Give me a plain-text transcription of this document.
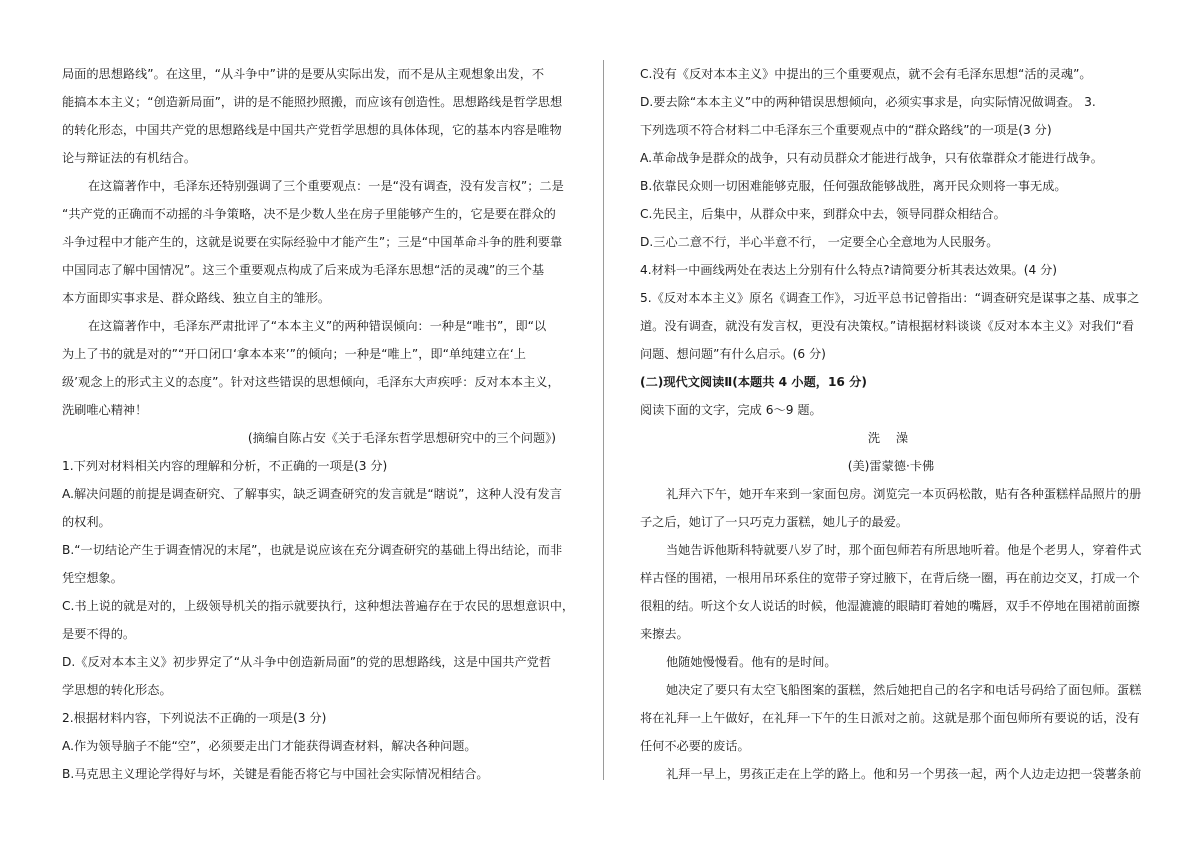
局面的思想路线”。在这里，“从斗争中”讲的是要从实际出发，而不是从主观想象出发，不
能搞本本主义；“创造新局面”，讲的是不能照抄照搬，而应该有创造性。思想路线是哲学思想
的转化形态，中国共产党的思想路线是中国共产党哲学思想的具体体现，它的基本内容是唯物
论与辩证法的有机结合。
在这篇著作中，毛泽东还特别强调了三个重要观点：一是“没有调查，没有发言权”；二是
“共产党的正确而不动摇的斗争策略，决不是少数人坐在房子里能够产生的，它是要在群众的
斗争过程中才能产生的，这就是说要在实际经验中才能产生”；三是“中国革命斗争的胜利要靠
中国同志了解中国情况”。这三个重要观点构成了后来成为毛泽东思想“活的灵魂”的三个基
本方面即实事求是、群众路线、独立自主的雏形。
在这篇著作中，毛泽东严肃批评了“本本主义”的两种错误倾向：一种是“唯书”，即“以
为上了书的就是对的”“开口闭口‘拿本本来’”的倾向；一种是“唯上”，即“单纯建立在‘上
级’观念上的形式主义的态度”。针对这些错误的思想倾向，毛泽东大声疾呼：反对本本主义，
洗刷唯心精神！
(摘编自陈占安《关于毛泽东哲学思想研究中的三个问题》)
1.下列对材料相关内容的理解和分析，不正确的一项是(3 分)
A.解决问题的前提是调查研究、了解事实，缺乏调查研究的发言就是“瞎说”，这种人没有发言
的权利。
B.“一切结论产生于调查情况的末尾”，也就是说应该在充分调查研究的基础上得出结论，而非
凭空想象。
C.书上说的就是对的，上级领导机关的指示就要执行，这种想法普遍存在于农民的思想意识中，
是要不得的。
D.《反对本本主义》初步界定了“从斗争中创造新局面”的党的思想路线，这是中国共产党哲
学思想的转化形态。
2.根据材料内容，下列说法不正确的一项是(3 分)
A.作为领导脑子不能“空”，必须要走出门才能获得调查材料，解决各种问题。
B.马克思主义理论学得好与坏，关键是看能否将它与中国社会实际情况相结合。
C.没有《反对本本主义》中提出的三个重要观点，就不会有毛泽东思想“活的灵魂”。
D.要去除“本本主义”中的两种错误思想倾向，必须实事求是，向实际情况做调查。 3.
下列选项不符合材料二中毛泽东三个重要观点中的“群众路线”的一项是(3 分)
A.革命战争是群众的战争，只有动员群众才能进行战争，只有依靠群众才能进行战争。
B.依靠民众则一切困难能够克服，任何强敌能够战胜，离开民众则将一事无成。
C.先民主，后集中，从群众中来，到群众中去，领导同群众相结合。
D.三心二意不行，半心半意不行， 一定要全心全意地为人民服务。
4.材料一中画线两处在表达上分别有什么特点?请简要分析其表达效果。(4 分)
5.《反对本本主义》原名《调查工作》，习近平总书记曾指出：“调查研究是谋事之基、成事之
道。没有调查，就没有发言权，更没有决策权。”请根据材料谈谈《反对本本主义》对我们“看
问题、想问题”有什么启示。(6 分)
(二)现代文阅读Ⅱ(本题共 4 小题，16 分)
阅读下面的文字，完成 6～9 题。
洗 澡
(美)雷蒙德·卡佛
礼拜六下午，她开车来到一家面包房。浏览完一本页码松散，贴有各种蛋糕样品照片的册
子之后，她订了一只巧克力蛋糕，她儿子的最爱。
当她告诉他斯科特就要八岁了时，那个面包师若有所思地听着。他是个老男人，穿着件式
样古怪的围裙，一根用吊环系住的宽带子穿过腋下，在背后绕一圈，再在前边交叉，打成一个
很粗的结。听这个女人说话的时候，他湿漉漉的眼睛盯着她的嘴唇，双手不停地在围裙前面擦
来擦去。
他随她慢慢看。他有的是时间。
她决定了要只有太空飞船图案的蛋糕，然后她把自己的名字和电话号码给了面包师。蛋糕
将在礼拜一上午做好，在礼拜一下午的生日派对之前。这就是那个面包师所有要说的话，没有
任何不必要的废话。
礼拜一早上，男孩正走在上学的路上。他和另一个男孩一起，两个人边走边把一袋薯条前
